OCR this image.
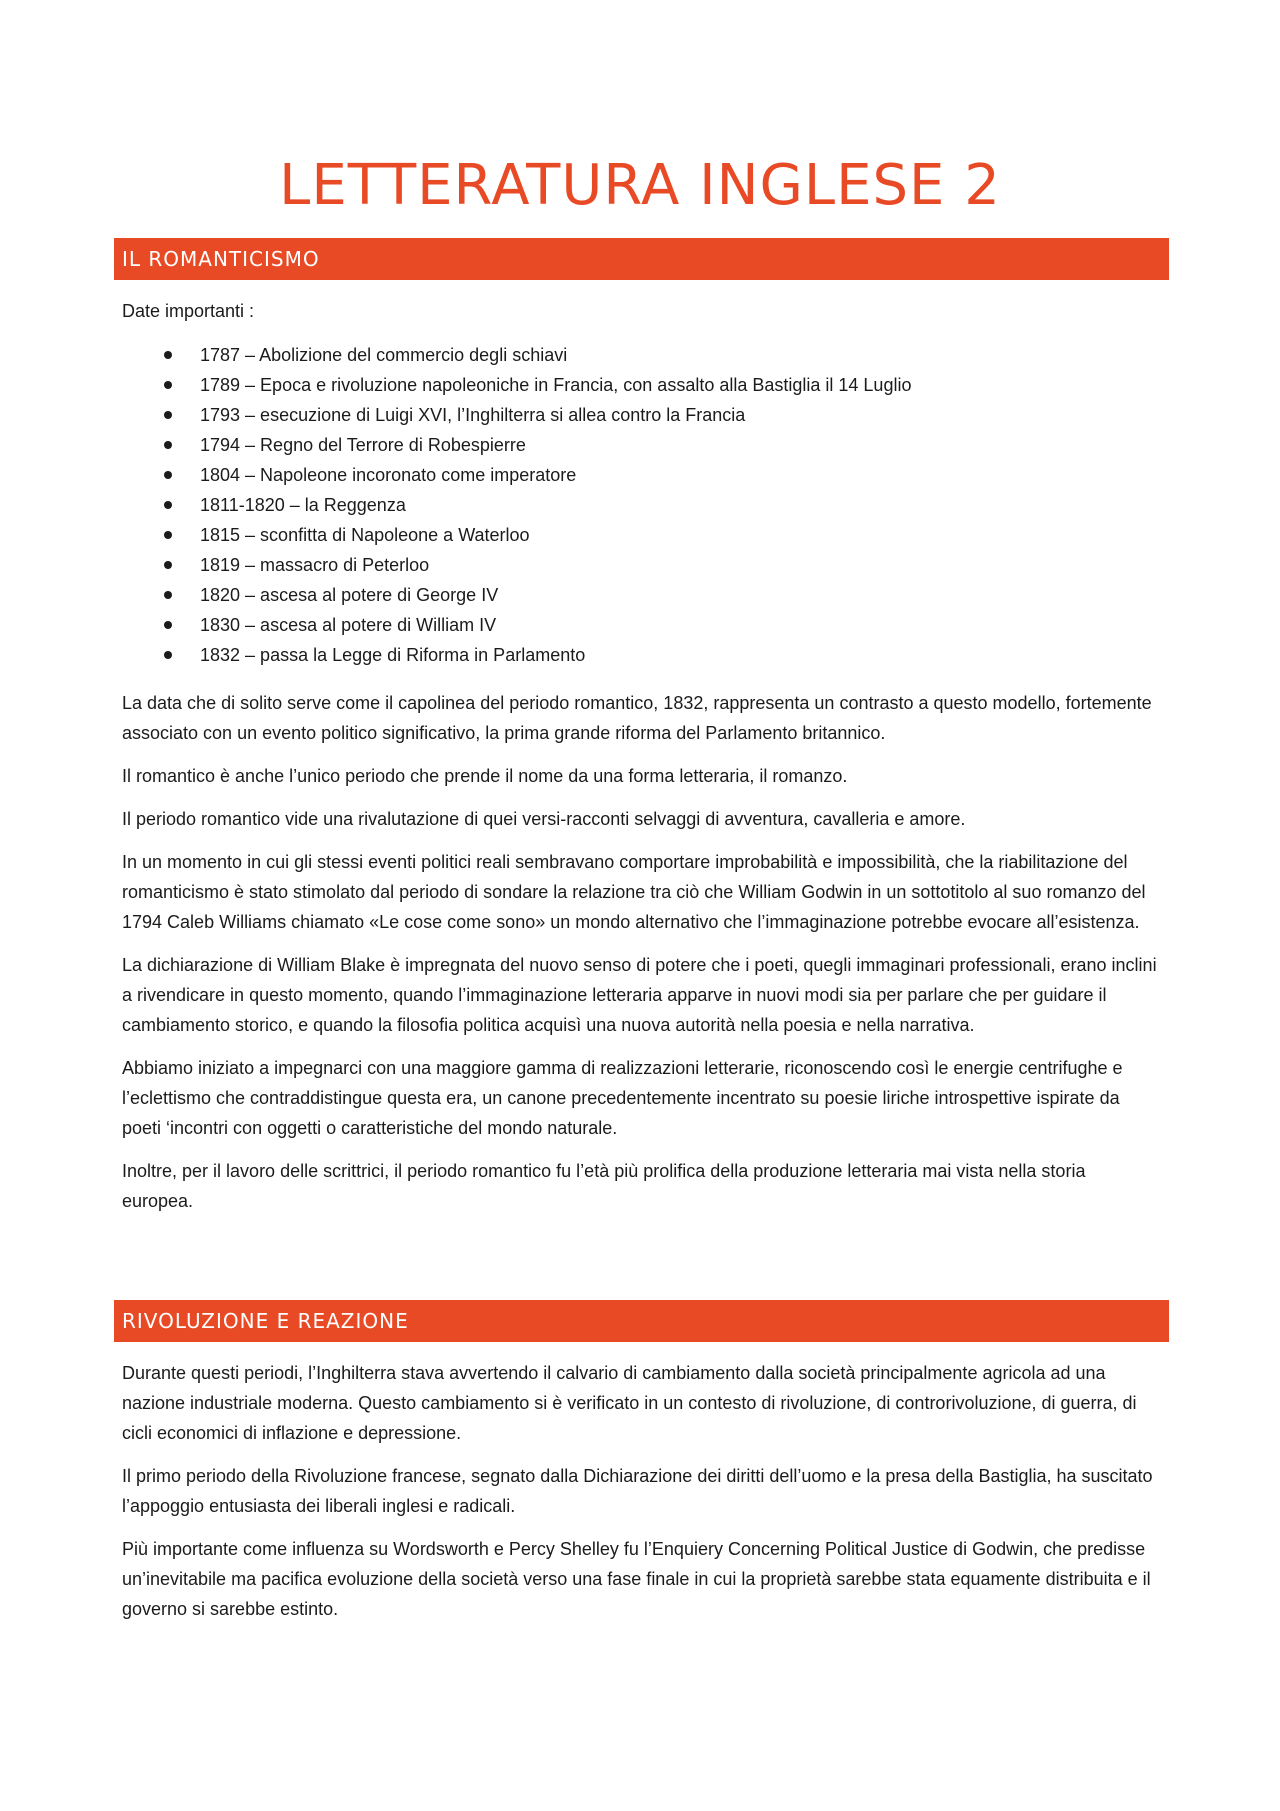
LETTERATURA INGLESE 2
IL ROMANTICISMO

Date importanti :

1787 – Abolizione del commercio degli schiavi
1789 – Epoca e rivoluzione napoleoniche in Francia, con assalto alla Bastiglia il 14 Luglio
1793 – esecuzione di Luigi XVI, l’Inghilterra si allea contro la Francia
1794 – Regno del Terrore di Robespierre
1804 – Napoleone incoronato come imperatore
1811-1820 – la Reggenza
1815 – sconfitta di Napoleone a Waterloo
1819 – massacro di Peterloo
1820 – ascesa al potere di George IV
1830 – ascesa al potere di William IV
1832 – passa la Legge di Riforma in Parlamento

La data che di solito serve come il capolinea del periodo romantico, 1832, rappresenta un contrasto a questo modello, fortemente associato con un evento politico significativo, la prima grande riforma del Parlamento britannico.

Il romantico è anche l’unico periodo che prende il nome da una forma letteraria, il romanzo.

Il periodo romantico vide una rivalutazione di quei versi-racconti selvaggi di avventura, cavalleria e amore.

In un momento in cui gli stessi eventi politici reali sembravano comportare improbabilità e impossibilità, che la riabilitazione del romanticismo è stato stimolato dal periodo di sondare la relazione tra ciò che William Godwin in un sottotitolo al suo romanzo del 1794 Caleb Williams chiamato «Le cose come sono» un mondo alternativo che l’immaginazione potrebbe evocare all’esistenza.

La dichiarazione di William Blake è impregnata del nuovo senso di potere che i poeti, quegli immaginari professionali, erano inclini a rivendicare in questo momento, quando l’immaginazione letteraria apparve in nuovi modi sia per parlare che per guidare il cambiamento storico, e quando la filosofia politica acquisì una nuova autorità nella poesia e nella narrativa.

Abbiamo iniziato a impegnarci con una maggiore gamma di realizzazioni letterarie, riconoscendo così le energie centrifughe e l’eclettismo che contraddistingue questa era, un canone precedentemente incentrato su poesie liriche introspettive ispirate da poeti ‘incontri con oggetti o caratteristiche del mondo naturale.

Inoltre, per il lavoro delle scrittrici, il periodo romantico fu l’età più prolifica della produzione letteraria mai vista nella storia europea.

RIVOLUZIONE E REAZIONE

Durante questi periodi, l’Inghilterra stava avvertendo il calvario di cambiamento dalla società principalmente agricola ad una nazione industriale moderna. Questo cambiamento si è verificato in un contesto di rivoluzione, di controrivoluzione, di guerra, di cicli economici di inflazione e depressione.

Il primo periodo della Rivoluzione francese, segnato dalla Dichiarazione dei diritti dell’uomo e la presa della Bastiglia, ha suscitato l’appoggio entusiasta dei liberali inglesi e radicali.

Più importante come influenza su Wordsworth e Percy Shelley fu l’Enquiery Concerning Political Justice di Godwin, che predisse un’inevitabile ma pacifica evoluzione della società verso una fase finale in cui la proprietà sarebbe stata equamente distribuita e il governo si sarebbe estinto.
